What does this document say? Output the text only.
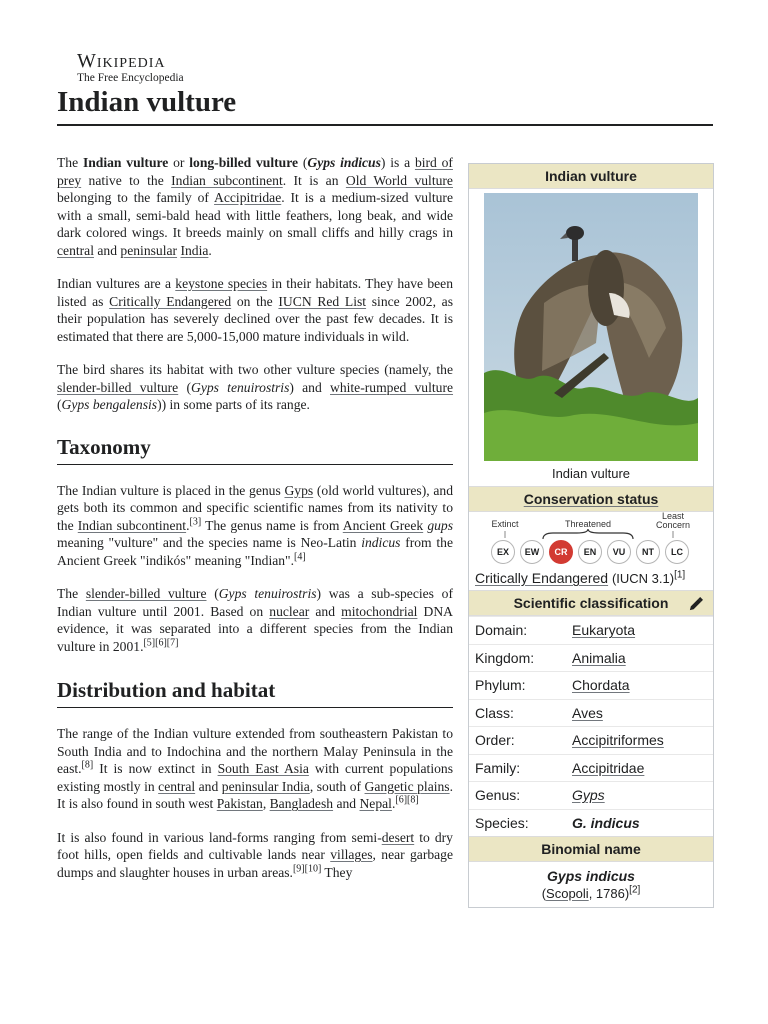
Wikipedia
The Free Encyclopedia
Indian vulture

The Indian vulture or long-billed vulture (Gyps indicus) is a bird of prey native to the Indian subcontinent. It is an Old World vulture belonging to the family of Accipitridae. It is a medium-sized vulture with a small, semi-bald head with little feathers, long beak, and wide dark colored wings. It breeds mainly on small cliffs and hilly crags in central and peninsular India.

Indian vultures are a keystone species in their habitats. They have been listed as Critically Endangered on the IUCN Red List since 2002, as their population has severely declined over the past few decades. It is estimated that there are 5,000-15,000 mature individuals in wild.

The bird shares its habitat with two other vulture species (namely, the slender-billed vulture (Gyps tenuirostris) and white-rumped vulture (Gyps bengalensis)) in some parts of its range.

Taxonomy

The Indian vulture is placed in the genus Gyps (old world vultures), and gets both its common and specific scientific names from its nativity to the Indian subcontinent.[3] The genus name is from Ancient Greek gups meaning "vulture" and the species name is Neo-Latin indicus from the Ancient Greek "indikós" meaning "Indian".[4]

The slender-billed vulture (Gyps tenuirostris) was a sub-species of Indian vulture until 2001. Based on nuclear and mitochondrial DNA evidence, it was separated into a different species from the Indian vulture in 2001.[5][6][7]

Distribution and habitat

The range of the Indian vulture extended from southeastern Pakistan to South India and to Indochina and the northern Malay Peninsula in the east.[8] It is now extinct in South East Asia with current populations existing mostly in central and peninsular India, south of Gangetic plains. It is also found in south west Pakistan, Bangladesh and Nepal.[6][8]

It is also found in various land-forms ranging from semi-desert to dry foot hills, open fields and cultivable lands near villages, near garbage dumps and slaughter houses in urban areas.[9][10] They

Indian vulture
Indian vulture
Conservation status
Extinct	Threatened
Least
Concern
EX	EW	CR	EN	VU	NT	LC
Critically Endangered (IUCN 3.1)[1]
Scientific classification
Domain:	Eukaryota
Kingdom:	Animalia
Phylum:	Chordata
Class:	Aves
Order:	Accipitriformes
Family:	Accipitridae
Genus:	Gyps
Species:	G. indicus
Binomial name
Gyps indicus
(Scopoli, 1786)[2]
